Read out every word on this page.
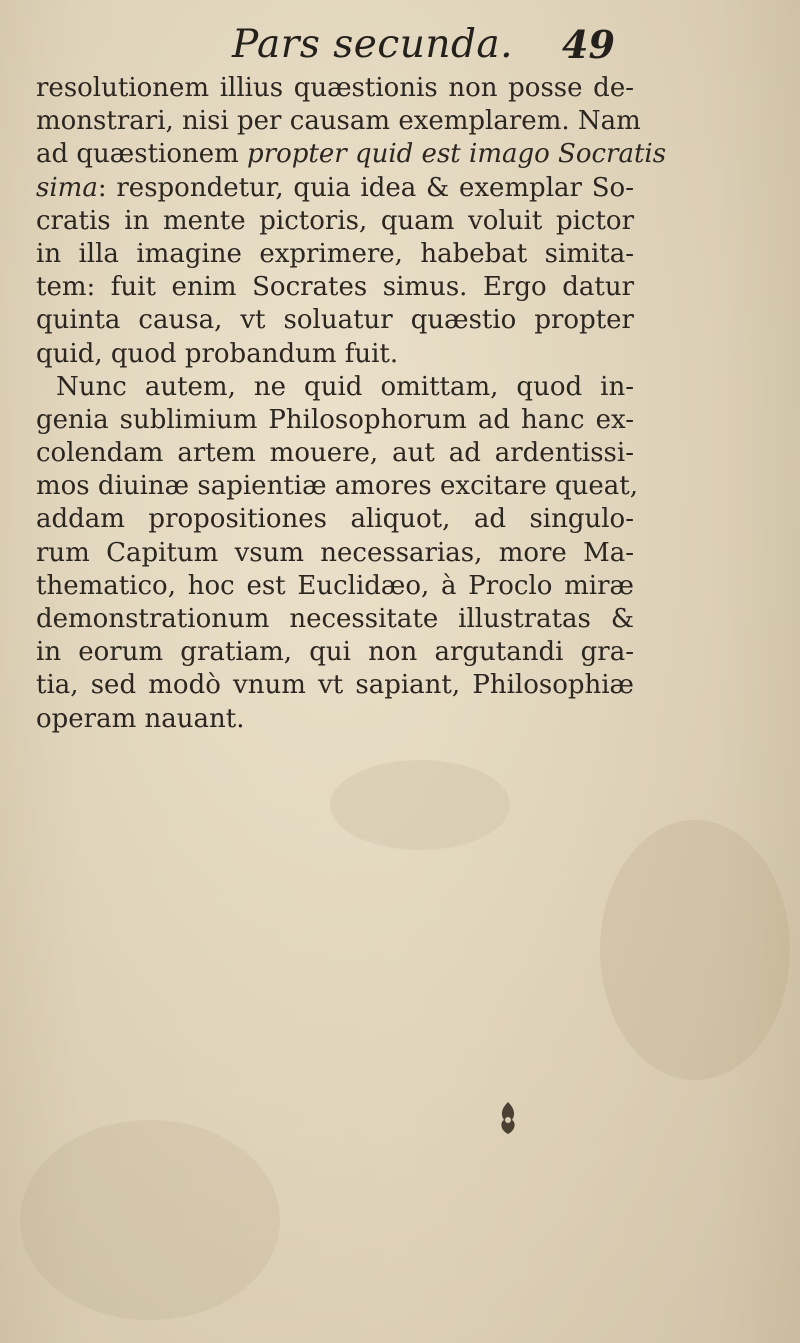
Pars secunda. 49
resolutionem illius quæstionis non posse de-
monstrari, nisi per causam exemplarem. Nam
ad quæstionem propter quid est imago Socratis
sima: respondetur, quia idea & exemplar So-
cratis in mente pictoris, quam voluit pictor
in illa imagine exprimere, habebat simita-
tem: fuit enim Socrates simus. Ergo datur
quinta causa, vt soluatur quæstio propter
quid, quod probandum fuit.
Nunc autem, ne quid omittam, quod in-
genia sublimium Philosophorum ad hanc ex-
colendam artem mouere, aut ad ardentissi-
mos diuinæ sapientiæ amores excitare queat,
addam propositiones aliquot, ad singulo-
rum Capitum vsum necessarias, more Ma-
thematico, hoc est Euclidæo, à Proclo miræ
demonstrationum necessitate illustratas &
in eorum gratiam, qui non argutandi gra-
tia, sed modò vnum vt sapiant, Philosophiæ
operam nauant.
